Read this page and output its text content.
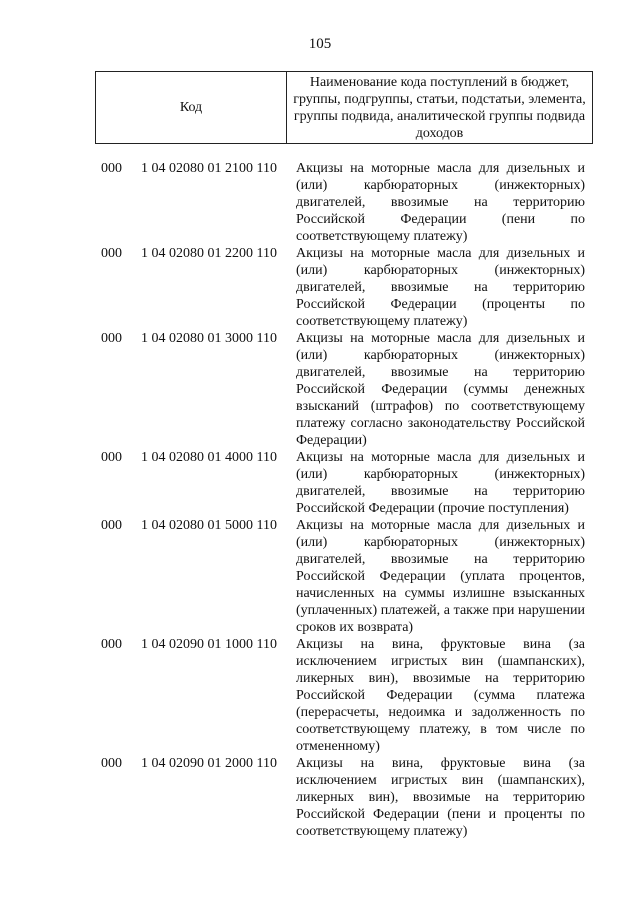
105
Код	Наименование кода поступлений в бюджет, группы, подгруппы, статьи, подстатьи, элемента, группы подвида, аналитической группы подвида доходов
000	1 04 02080 01 2100 110	Акцизы на моторные масла для дизельных и (или) карбюраторных (инжекторных) двигателей, ввозимые на территорию Российской Федерации (пени по соответствующему платежу)
000	1 04 02080 01 2200 110	Акцизы на моторные масла для дизельных и (или) карбюраторных (инжекторных) двигателей, ввозимые на территорию Российской Федерации (проценты по соответствующему платежу)
000	1 04 02080 01 3000 110	Акцизы на моторные масла для дизельных и (или) карбюраторных (инжекторных) двигателей, ввозимые на территорию Российской Федерации (суммы денежных взысканий (штрафов) по соответствующему платежу согласно законодательству Российской Федерации)
000	1 04 02080 01 4000 110	Акцизы на моторные масла для дизельных и (или) карбюраторных (инжекторных) двигателей, ввозимые на территорию Российской Федерации (прочие поступления)
000	1 04 02080 01 5000 110	Акцизы на моторные масла для дизельных и (или) карбюраторных (инжекторных) двигателей, ввозимые на территорию Российской Федерации (уплата процентов, начисленных на суммы излишне взысканных (уплаченных) платежей, а также при нарушении сроков их возврата)
000	1 04 02090 01 1000 110	Акцизы на вина, фруктовые вина (за исключением игристых вин (шампанских), ликерных вин), ввозимые на территорию Российской Федерации (сумма платежа (перерасчеты, недоимка и задолженность по соответствующему платежу, в том числе по отмененному)
000	1 04 02090 01 2000 110	Акцизы на вина, фруктовые вина (за исключением игристых вин (шампанских), ликерных вин), ввозимые на территорию Российской Федерации (пени и проценты по соответствующему платежу)
